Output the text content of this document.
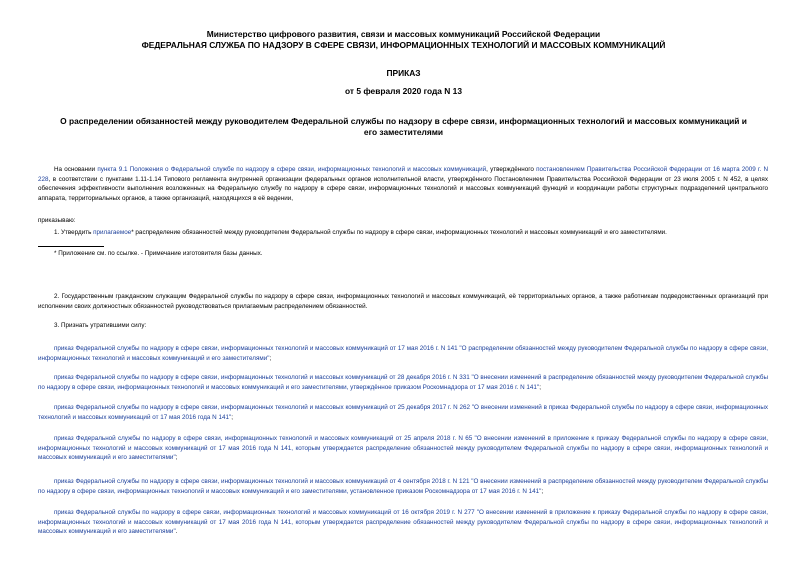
Министерство цифрового развития, связи и массовых коммуникаций Российской Федерации
ФЕДЕРАЛЬНАЯ СЛУЖБА ПО НАДЗОРУ В СФЕРЕ СВЯЗИ, ИНФОРМАЦИОННЫХ ТЕХНОЛОГИЙ И МАССОВЫХ КОММУНИКАЦИЙ
ПРИКАЗ
от 5 февраля 2020 года N 13
О распределении обязанностей между руководителем Федеральной службы по надзору в сфере связи, информационных технологий и массовых коммуникаций и
его заместителями
На основании пункта 9.1 Положения о Федеральной службе по надзору в сфере связи, информационных технологий и массовых коммуникаций, утверждённого постановлением Правительства Российской Федерации от 16 марта 2009 г. N 228, в соответствии с пунктами 1.11-1.14 Типового регламента внутренней организации федеральных органов исполнительной власти, утверждённого Постановлением Правительства Российской Федерации от 23 июля 2005 г. N 452, в целях обеспечения эффективности выполнения возложенных на Федеральную службу по надзору в сфере связи, информационных технологий и массовых коммуникаций функций и координации работы структурных подразделений центрального аппарата, территориальных органов, а также организаций, находящихся в её ведении,
приказываю:
1. Утвердить прилагаемое* распределение обязанностей между руководителем Федеральной службы по надзору в сфере связи, информационных технологий и массовых коммуникаций и его заместителями.
* Приложение см. по ссылке. - Примечание изготовителя базы данных.
2. Государственным гражданским служащим Федеральной службы по надзору в сфере связи, информационных технологий и массовых коммуникаций, её территориальных органов, а также работникам подведомственных организаций при исполнении своих должностных обязанностей руководствоваться прилагаемым распределением обязанностей.
3. Признать утратившими силу:
приказ Федеральной службы по надзору в сфере связи, информационных технологий и массовых коммуникаций от 17 мая 2016 г. N 141 "О распределении обязанностей между руководителем Федеральной службы по надзору в сфере связи, информационных технологий и массовых коммуникаций и его заместителями";
приказ Федеральной службы по надзору в сфере связи, информационных технологий и массовых коммуникаций от 28 декабря 2016 г. N 331 "О внесении изменений в распределение обязанностей между руководителем Федеральной службы по надзору в сфере связи, информационных технологий и массовых коммуникаций и его заместителями, утверждённое приказом Роскомнадзора от 17 мая 2016 г. N 141";
приказ Федеральной службы по надзору в сфере связи, информационных технологий и массовых коммуникаций от 25 декабря 2017 г. N 262 "О внесении изменений в приказ Федеральной службы по надзору в сфере связи, информационных технологий и массовых коммуникаций от 17 мая 2016 года N 141";
приказ Федеральной службы по надзору в сфере связи, информационных технологий и массовых коммуникаций от 25 апреля 2018 г. N 65 "О внесении изменений в приложение к приказу Федеральной службы по надзору в сфере связи, информационных технологий и массовых коммуникаций от 17 мая 2016 года N 141, которым утверждается распределение обязанностей между руководителем Федеральной службы по надзору в сфере связи, информационных технологий и массовых коммуникаций и его заместителями";
приказ Федеральной службы по надзору в сфере связи, информационных технологий и массовых коммуникаций от 4 сентября 2018 г. N 121 "О внесении изменений в распределение обязанностей между руководителем Федеральной службы по надзору в сфере связи, информационных технологий и массовых коммуникаций и его заместителями, установленное приказом Роскомнадзора от 17 мая 2016 г. N 141";
приказ Федеральной службы по надзору в сфере связи, информационных технологий и массовых коммуникаций от 16 октября 2019 г. N 277 "О внесении изменений в приложение к приказу Федеральной службы по надзору в сфере связи, информационных технологий и массовых коммуникаций от 17 мая 2016 года N 141, которым утверждается распределение обязанностей между руководителем Федеральной службы по надзору в сфере связи, информационных технологий и массовых коммуникаций и его заместителями".
